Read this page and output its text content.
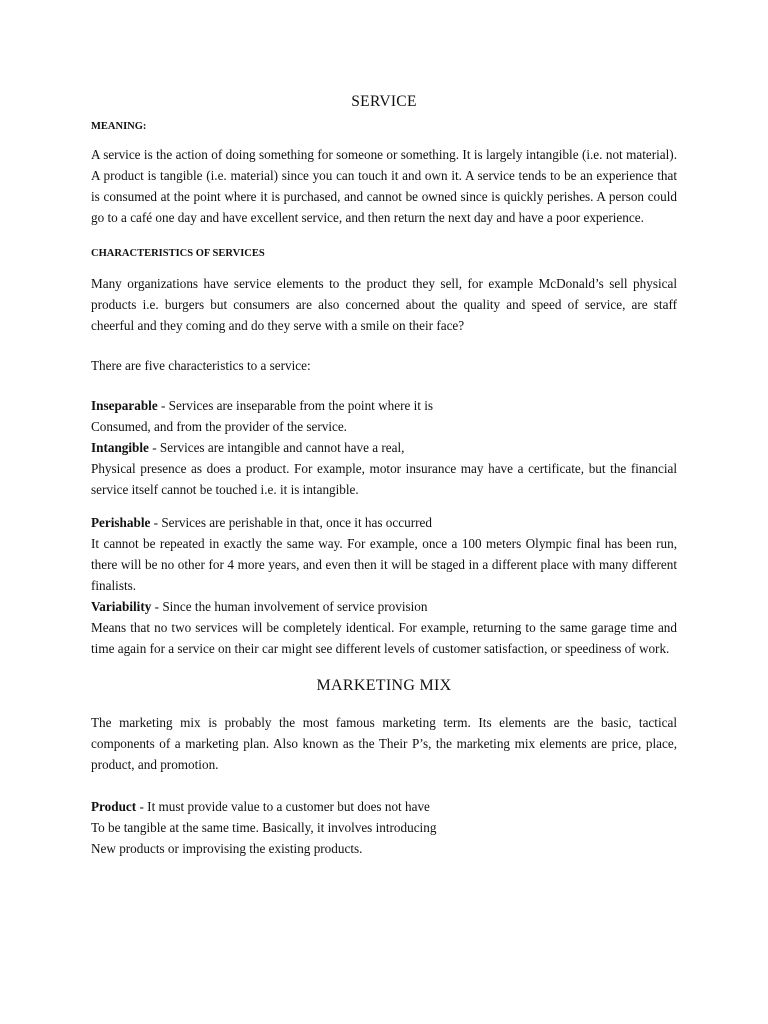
SERVICE
MEANING:

A service is the action of doing something for someone or something. It is largely intangible (i.e. not material). A product is tangible (i.e. material) since you can touch it and own it. A service tends to be an experience that is consumed at the point where it is purchased, and cannot be owned since is quickly perishes. A person could go to a café one day and have excellent service, and then return the next day and have a poor experience.

CHARACTERISTICS OF SERVICES

Many organizations have service elements to the product they sell, for example McDonald’s sell physical products i.e. burgers but consumers are also concerned about the quality and speed of service, are staff cheerful and they coming and do they serve with a smile on their face?

There are five characteristics to a service:

Inseparable - Services are inseparable from the point where it is

Consumed, and from the provider of the service.

Intangible - Services are intangible and cannot have a real,

Physical presence as does a product. For example, motor insurance may have a certificate, but the financial service itself cannot be touched i.e. it is intangible.

Perishable - Services are perishable in that, once it has occurred

It cannot be repeated in exactly the same way. For example, once a 100 meters Olympic final has been run, there will be no other for 4 more years, and even then it will be staged in a different place with many different finalists.

Variability - Since the human involvement of service provision

Means that no two services will be completely identical. For example, returning to the same garage time and time again for a service on their car might see different levels of customer satisfaction, or speediness of work.

MARKETING MIX

The marketing mix is probably the most famous marketing term. Its elements are the basic, tactical components of a marketing plan. Also known as the Their P’s, the marketing mix elements are price, place, product, and promotion.

Product - It must provide value to a customer but does not have

To be tangible at the same time. Basically, it involves introducing

New products or improvising the existing products.
